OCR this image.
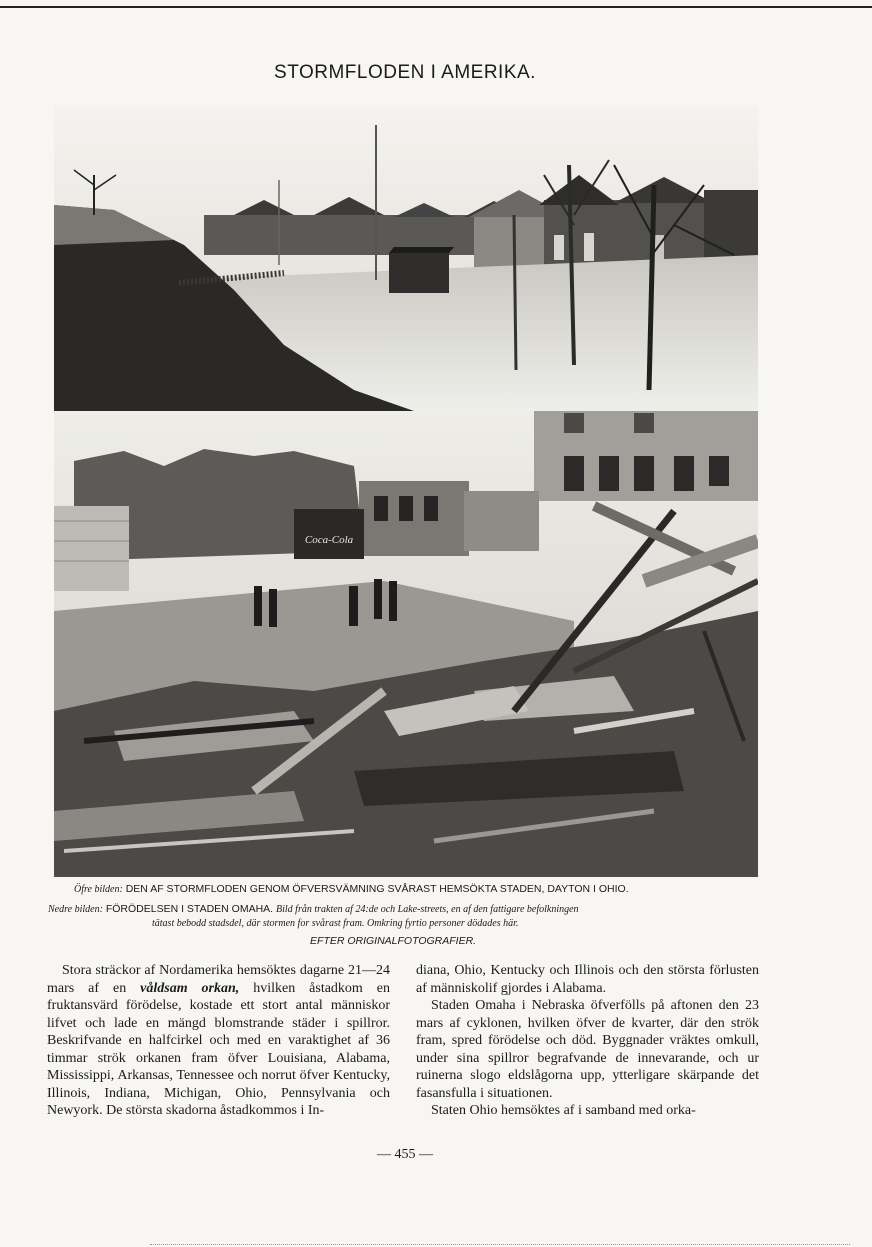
STORMFLODEN I AMERIKA.
Coca-Cola
Öfre bilden: DEN AF STORMFLODEN GENOM ÖFVERSVÄMNING SVÅRAST HEMSÖKTA STADEN, DAYTON I OHIO.
Nedre bilden: FÖRÖDELSEN I STADEN OMAHA. Bild från trakten af 24:de och Lake-streets, en af den fattigare befolkningen
tätast bebodd stadsdel, där stormen for svårast fram. Omkring fyrtio personer dödades här.
EFTER ORIGINALFOTOGRAFIER.

Stora sträckor af Nordamerika hemsöktes dagarne 21—24 mars af en våldsam orkan, hvilken åstadkom en fruktansvärd förödelse, kostade ett stort antal människor lifvet och lade en mängd blomstrande städer i spillror. Beskrifvande en halfcirkel och med en varaktighet af 36 timmar strök orkanen fram öfver Louisiana, Alabama, Mississippi, Arkansas, Tennessee och norrut öfver Kentucky, Illinois, Indiana, Michigan, Ohio, Pennsylvania och Newyork. De största skadorna åstadkommos i In-

diana, Ohio, Kentucky och Illinois och den största förlusten af människolif gjordes i Alabama.

Staden Omaha i Nebraska öfverfölls på aftonen den 23 mars af cyklonen, hvilken öfver de kvarter, där den strök fram, spred förödelse och död. Byggnader vräktes omkull, under sina spillror begrafvande de innevarande, och ur ruinerna slogo eldslågorna upp, ytterligare skärpande det fasansfulla i situationen.

Staten Ohio hemsöktes af i samband med orka-

— 455 —
